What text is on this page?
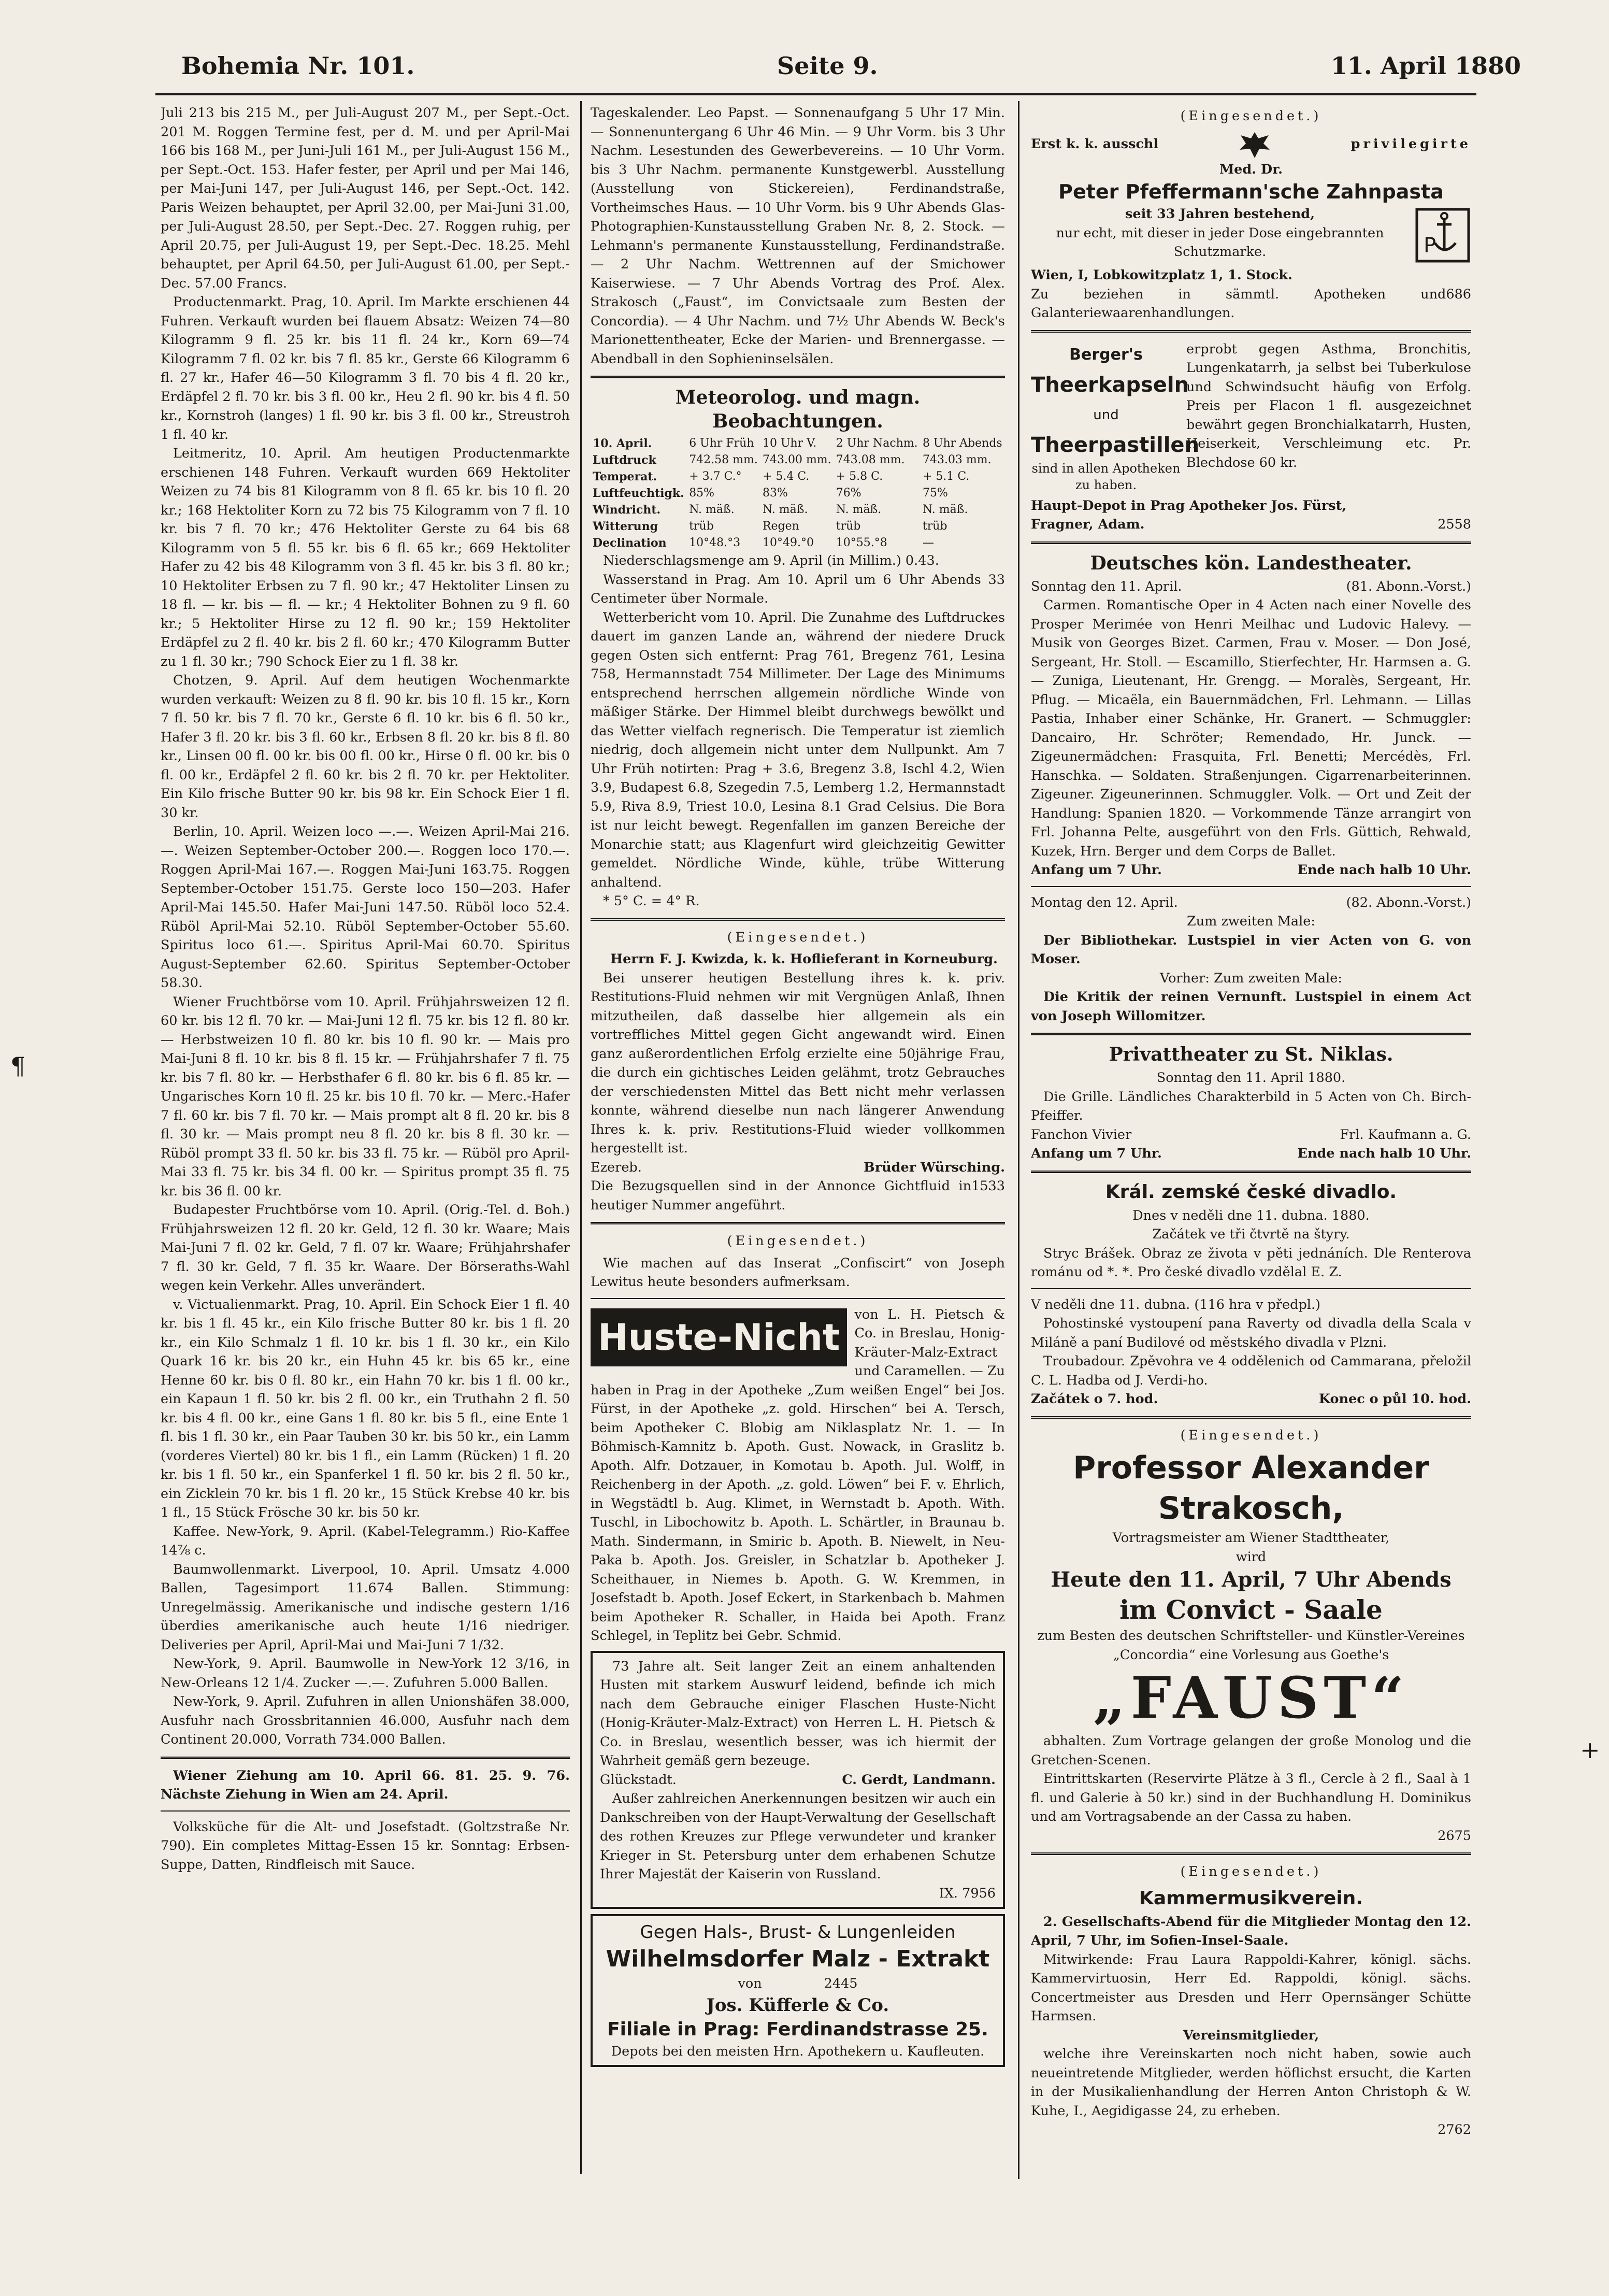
Bohemia Nr. 101.	Seite 9.	11. April 1880
¶
+

Juli 213 bis 215 M., per Juli-August 207 M., per Sept.-Oct. 201 M. Roggen Termine fest, per d. M. und per April-Mai 166 bis 168 M., per Juni-Juli 161 M., per Juli-August 156 M., per Sept.-Oct. 153. Hafer fester, per April und per Mai 146, per Mai-Juni 147, per Juli-August 146, per Sept.-Oct. 142. Paris Weizen behauptet, per April 32.00, per Mai-Juni 31.00, per Juli-August 28.50, per Sept.-Dec. 27. Roggen ruhig, per April 20.75, per Juli-August 19, per Sept.-Dec. 18.25. Mehl behauptet, per April 64.50, per Juli-August 61.00, per Sept.-Dec. 57.00 Francs.

Productenmarkt. Prag, 10. April. Im Markte erschienen 44 Fuhren. Verkauft wurden bei flauem Absatz: Weizen 74—80 Kilogramm 9 fl. 25 kr. bis 11 fl. 24 kr., Korn 69—74 Kilogramm 7 fl. 02 kr. bis 7 fl. 85 kr., Gerste 66 Kilogramm 6 fl. 27 kr., Hafer 46—50 Kilogramm 3 fl. 70 bis 4 fl. 20 kr., Erdäpfel 2 fl. 70 kr. bis 3 fl. 00 kr., Heu 2 fl. 90 kr. bis 4 fl. 50 kr., Kornstroh (langes) 1 fl. 90 kr. bis 3 fl. 00 kr., Streustroh 1 fl. 40 kr.

Leitmeritz, 10. April. Am heutigen Productenmarkte erschienen 148 Fuhren. Verkauft wurden 669 Hektoliter Weizen zu 74 bis 81 Kilogramm von 8 fl. 65 kr. bis 10 fl. 20 kr.; 168 Hektoliter Korn zu 72 bis 75 Kilogramm von 7 fl. 10 kr. bis 7 fl. 70 kr.; 476 Hektoliter Gerste zu 64 bis 68 Kilogramm von 5 fl. 55 kr. bis 6 fl. 65 kr.; 669 Hektoliter Hafer zu 42 bis 48 Kilogramm von 3 fl. 45 kr. bis 3 fl. 80 kr.; 10 Hektoliter Erbsen zu 7 fl. 90 kr.; 47 Hektoliter Linsen zu 18 fl. — kr. bis — fl. — kr.; 4 Hektoliter Bohnen zu 9 fl. 60 kr.; 5 Hektoliter Hirse zu 12 fl. 90 kr.; 159 Hektoliter Erdäpfel zu 2 fl. 40 kr. bis 2 fl. 60 kr.; 470 Kilogramm Butter zu 1 fl. 30 kr.; 790 Schock Eier zu 1 fl. 38 kr.

Chotzen, 9. April. Auf dem heutigen Wochenmarkte wurden verkauft: Weizen zu 8 fl. 90 kr. bis 10 fl. 15 kr., Korn 7 fl. 50 kr. bis 7 fl. 70 kr., Gerste 6 fl. 10 kr. bis 6 fl. 50 kr., Hafer 3 fl. 20 kr. bis 3 fl. 60 kr., Erbsen 8 fl. 20 kr. bis 8 fl. 80 kr., Linsen 00 fl. 00 kr. bis 00 fl. 00 kr., Hirse 0 fl. 00 kr. bis 0 fl. 00 kr., Erdäpfel 2 fl. 60 kr. bis 2 fl. 70 kr. per Hektoliter. Ein Kilo frische Butter 90 kr. bis 98 kr. Ein Schock Eier 1 fl. 30 kr.

Berlin, 10. April. Weizen loco —.—. Weizen April-Mai 216.—. Weizen September-October 200.—. Roggen loco 170.—. Roggen April-Mai 167.—. Roggen Mai-Juni 163.75. Roggen September-October 151.75. Gerste loco 150—203. Hafer April-Mai 145.50. Hafer Mai-Juni 147.50. Rüböl loco 52.4. Rüböl April-Mai 52.10. Rüböl September-October 55.60. Spiritus loco 61.—. Spiritus April-Mai 60.70. Spiritus August-September 62.60. Spiritus September-October 58.30.

Wiener Fruchtbörse vom 10. April. Frühjahrsweizen 12 fl. 60 kr. bis 12 fl. 70 kr. — Mai-Juni 12 fl. 75 kr. bis 12 fl. 80 kr. — Herbstweizen 10 fl. 80 kr. bis 10 fl. 90 kr. — Mais pro Mai-Juni 8 fl. 10 kr. bis 8 fl. 15 kr. — Frühjahrshafer 7 fl. 75 kr. bis 7 fl. 80 kr. — Herbsthafer 6 fl. 80 kr. bis 6 fl. 85 kr. — Ungarisches Korn 10 fl. 25 kr. bis 10 fl. 70 kr. — Merc.-Hafer 7 fl. 60 kr. bis 7 fl. 70 kr. — Mais prompt alt 8 fl. 20 kr. bis 8 fl. 30 kr. — Mais prompt neu 8 fl. 20 kr. bis 8 fl. 30 kr. — Rüböl prompt 33 fl. 50 kr. bis 33 fl. 75 kr. — Rüböl pro April-Mai 33 fl. 75 kr. bis 34 fl. 00 kr. — Spiritus prompt 35 fl. 75 kr. bis 36 fl. 00 kr.

Budapester Fruchtbörse vom 10. April. (Orig.-Tel. d. Boh.) Frühjahrsweizen 12 fl. 20 kr. Geld, 12 fl. 30 kr. Waare; Mais Mai-Juni 7 fl. 02 kr. Geld, 7 fl. 07 kr. Waare; Frühjahrshafer 7 fl. 30 kr. Geld, 7 fl. 35 kr. Waare. Der Börseraths-Wahl wegen kein Verkehr. Alles unverändert.

v. Victualienmarkt. Prag, 10. April. Ein Schock Eier 1 fl. 40 kr. bis 1 fl. 45 kr., ein Kilo frische Butter 80 kr. bis 1 fl. 20 kr., ein Kilo Schmalz 1 fl. 10 kr. bis 1 fl. 30 kr., ein Kilo Quark 16 kr. bis 20 kr., ein Huhn 45 kr. bis 65 kr., eine Henne 60 kr. bis 0 fl. 80 kr., ein Hahn 70 kr. bis 1 fl. 00 kr., ein Kapaun 1 fl. 50 kr. bis 2 fl. 00 kr., ein Truthahn 2 fl. 50 kr. bis 4 fl. 00 kr., eine Gans 1 fl. 80 kr. bis 5 fl., eine Ente 1 fl. bis 1 fl. 30 kr., ein Paar Tauben 30 kr. bis 50 kr., ein Lamm (vorderes Viertel) 80 kr. bis 1 fl., ein Lamm (Rücken) 1 fl. 20 kr. bis 1 fl. 50 kr., ein Spanferkel 1 fl. 50 kr. bis 2 fl. 50 kr., ein Zicklein 70 kr. bis 1 fl. 20 kr., 15 Stück Krebse 40 kr. bis 1 fl., 15 Stück Frösche 30 kr. bis 50 kr.

Kaffee. New-York, 9. April. (Kabel-Telegramm.) Rio-Kaffee 14⅞ c.

Baumwollenmarkt. Liverpool, 10. April. Umsatz 4.000 Ballen, Tagesimport 11.674 Ballen. Stimmung: Unregelmässig. Amerikanische und indische gestern 1/16 überdies amerikanische auch heute 1/16 niedriger. Deliveries per April, April-Mai und Mai-Juni 7 1/32.

New-York, 9. April. Baumwolle in New-York 12 3/16, in New-Orleans 12 1/4. Zucker —.—. Zufuhren 5.000 Ballen.

New-York, 9. April. Zufuhren in allen Unionshäfen 38.000, Ausfuhr nach Grossbritannien 46.000, Ausfuhr nach dem Continent 20.000, Vorrath 734.000 Ballen.

Wiener Ziehung am 10. April 66. 81. 25. 9. 76. Nächste Ziehung in Wien am 24. April.

Volksküche für die Alt- und Josefstadt. (Goltzstraße Nr. 790). Ein completes Mittag-Essen 15 kr. Sonntag: Erbsen-Suppe, Datten, Rindfleisch mit Sauce.

Tageskalender. Leo Papst. — Sonnenaufgang 5 Uhr 17 Min. — Sonnenuntergang 6 Uhr 46 Min. — 9 Uhr Vorm. bis 3 Uhr Nachm. Lesestunden des Gewerbevereins. — 10 Uhr Vorm. bis 3 Uhr Nachm. permanente Kunstgewerbl. Ausstellung (Ausstellung von Stickereien), Ferdinandstraße, Vortheimsches Haus. — 10 Uhr Vorm. bis 9 Uhr Abends Glas-Photographien-Kunstausstellung Graben Nr. 8, 2. Stock. — Lehmann's permanente Kunstausstellung, Ferdinandstraße. — 2 Uhr Nachm. Wettrennen auf der Smichower Kaiserwiese. — 7 Uhr Abends Vortrag des Prof. Alex. Strakosch („Faust“, im Convictsaale zum Besten der Concordia). — 4 Uhr Nachm. und 7½ Uhr Abends W. Beck's Marionettentheater, Ecke der Marien- und Brennergasse. — Abendball in den Sophieninselsälen.

Meteorolog. und magn. Beobachtungen.
10. April.	6 Uhr Früh	10 Uhr V.	2 Uhr Nachm.	8 Uhr Abends
Luftdruck	742.58 mm.	743.00 mm.	743.08 mm.	743.03 mm.
Temperat.	+ 3.7 C.°	+ 5.4 C.	+ 5.8 C.	+ 5.1 C.
Luftfeuchtigk.	85%	83%	76%	75%
Windricht.	N. mäß.	N. mäß.	N. mäß.	N. mäß.
Witterung	trüb	Regen	trüb	trüb
Declination	10°48.°3	10°49.°0	10°55.°8	—

Niederschlagsmenge am 9. April (in Millim.) 0.43.

Wasserstand in Prag. Am 10. April um 6 Uhr Abends 33 Centimeter über Normale.

Wetterbericht vom 10. April. Die Zunahme des Luftdruckes dauert im ganzen Lande an, während der niedere Druck gegen Osten sich entfernt: Prag 761, Bregenz 761, Lesina 758, Hermannstadt 754 Millimeter. Der Lage des Minimums entsprechend herrschen allgemein nördliche Winde von mäßiger Stärke. Der Himmel bleibt durchwegs bewölkt und das Wetter vielfach regnerisch. Die Temperatur ist ziemlich niedrig, doch allgemein nicht unter dem Nullpunkt. Am 7 Uhr Früh notirten: Prag + 3.6, Bregenz 3.8, Ischl 4.2, Wien 3.9, Budapest 6.8, Szegedin 7.5, Lemberg 1.2, Hermannstadt 5.9, Riva 8.9, Triest 10.0, Lesina 8.1 Grad Celsius. Die Bora ist nur leicht bewegt. Regenfallen im ganzen Bereiche der Monarchie statt; aus Klagenfurt wird gleichzeitig Gewitter gemeldet. Nördliche Winde, kühle, trübe Witterung anhaltend.

* 5° C. = 4° R.

(Eingesendet.)

Herrn F. J. Kwizda, k. k. Hoflieferant in Korneuburg.

Bei unserer heutigen Bestellung ihres k. k. priv. Restitutions-Fluid nehmen wir mit Vergnügen Anlaß, Ihnen mitzutheilen, daß dasselbe hier allgemein als ein vortreffliches Mittel gegen Gicht angewandt wird. Einen ganz außerordentlichen Erfolg erzielte eine 50jährige Frau, die durch ein gichtisches Leiden gelähmt, trotz Gebrauches der verschiedensten Mittel das Bett nicht mehr verlassen konnte, während dieselbe nun nach längerer Anwendung Ihres k. k. priv. Restitutions-Fluid wieder vollkommen hergestellt ist.

Ezereb.	Brüder Würsching.
Die Bezugsquellen sind in der Annonce Gichtfluid in heutiger Nummer angeführt.
1533
(Eingesendet.)

Wie machen auf das Inserat „Confiscirt“ von Joseph Lewitus heute besonders aufmerksam.

Huste-Nicht

von L. H. Pietsch & Co. in Breslau, Honig-Kräuter-Malz-Extract und Caramellen. — Zu haben in Prag in der Apotheke „Zum weißen Engel“ bei Jos. Fürst, in der Apotheke „z. gold. Hirschen“ bei A. Tersch, beim Apotheker C. Blobig am Niklasplatz Nr. 1. — In Böhmisch-Kamnitz b. Apoth. Gust. Nowack, in Graslitz b. Apoth. Alfr. Dotzauer, in Komotau b. Apoth. Jul. Wolff, in Reichenberg in der Apoth. „z. gold. Löwen“ bei F. v. Ehrlich, in Wegstädtl b. Aug. Klimet, in Wernstadt b. Apoth. With. Tuschl, in Libochowitz b. Apoth. L. Schärtler, in Braunau b. Math. Sindermann, in Smiric b. Apoth. B. Niewelt, in Neu-Paka b. Apoth. Jos. Greisler, in Schatzlar b. Apotheker J. Scheithauer, in Niemes b. Apoth. G. W. Kremmen, in Josefstadt b. Apoth. Josef Eckert, in Starkenbach b. Mahmen beim Apotheker R. Schaller, in Haida bei Apoth. Franz Schlegel, in Teplitz bei Gebr. Schmid.

73 Jahre alt. Seit langer Zeit an einem anhaltenden Husten mit starkem Auswurf leidend, befinde ich mich nach dem Gebrauche einiger Flaschen Huste-Nicht (Honig-Kräuter-Malz-Extract) von Herren L. H. Pietsch & Co. in Breslau, wesentlich besser, was ich hiermit der Wahrheit gemäß gern bezeuge.

Glückstadt.	C. Gerdt, Landmann.

Außer zahlreichen Anerkennungen besitzen wir auch ein Dankschreiben von der Haupt-Verwaltung der Gesellschaft des rothen Kreuzes zur Pflege verwundeter und kranker Krieger in St. Petersburg unter dem erhabenen Schutze Ihrer Majestät der Kaiserin von Russland.

IX. 7956
Gegen Hals-, Brust- & Lungenleiden
Wilhelmsdorfer Malz - Extrakt
von	2445
Jos. Küfferle & Co.
Filiale in Prag: Ferdinandstrasse 25.
Depots bei den meisten Hrn. Apothekern u. Kaufleuten.
(Eingesendet.)
Erst k. k. ausschl	privilegirte
Med. Dr.
Peter Pfeffermann'sche Zahnpasta
P
seit 33 Jahren bestehend,
nur echt, mit dieser in jeder Dose eingebrannten Schutzmarke.
Wien, I, Lobkowitzplatz 1, 1. Stock.
Zu beziehen in sämmtl. Apotheken und Galanteriewaarenhandlungen.
686
Berger's
Theerkapseln
und
Theerpastillen
sind in allen Apotheken zu haben.
erprobt gegen Asthma, Bronchitis, Lungenkatarrh, ja selbst bei Tuberkulose und Schwindsucht häufig von Erfolg. Preis per Flacon 1 fl. ausgezeichnet bewährt gegen Bronchialkatarrh, Husten, Heiserkeit, Verschleimung etc. Pr. Blechdose 60 kr.
Haupt-Depot in Prag Apotheker Jos. Fürst,
Fragner, Adam.	2558
Deutsches kön. Landestheater.
Sonntag den 11. April.	(81. Abonn.-Vorst.)

Carmen. Romantische Oper in 4 Acten nach einer Novelle des Prosper Merimée von Henri Meilhac und Ludovic Halevy. — Musik von Georges Bizet. Carmen, Frau v. Moser. — Don José, Sergeant, Hr. Stoll. — Escamillo, Stierfechter, Hr. Harmsen a. G. — Zuniga, Lieutenant, Hr. Grengg. — Moralès, Sergeant, Hr. Pflug. — Micaëla, ein Bauernmädchen, Frl. Lehmann. — Lillas Pastia, Inhaber einer Schänke, Hr. Granert. — Schmuggler: Dancairo, Hr. Schröter; Remendado, Hr. Junck. — Zigeunermädchen: Frasquita, Frl. Benetti; Mercédès, Frl. Hanschka. — Soldaten. Straßenjungen. Cigarrenarbeiterinnen. Zigeuner. Zigeunerinnen. Schmuggler. Volk. — Ort und Zeit der Handlung: Spanien 1820. — Vorkommende Tänze arrangirt von Frl. Johanna Pelte, ausgeführt von den Frls. Güttich, Rehwald, Kuzek, Hrn. Berger und dem Corps de Ballet.

Anfang um 7 Uhr.	Ende nach halb 10 Uhr.
Montag den 12. April.	(82. Abonn.-Vorst.)
Zum zweiten Male:

Der Bibliothekar. Lustspiel in vier Acten von G. von Moser.

Vorher: Zum zweiten Male:

Die Kritik der reinen Vernunft. Lustspiel in einem Act von Joseph Willomitzer.

Privattheater zu St. Niklas.
Sonntag den 11. April 1880.

Die Grille. Ländliches Charakterbild in 5 Acten von Ch. Birch-Pfeiffer.

Fanchon Vivier	Frl. Kaufmann a. G.
Anfang um 7 Uhr.	Ende nach halb 10 Uhr.
Král. zemské české divadlo.
Dnes v neděli dne 11. dubna. 1880.
Začátek ve tři čtvrtě na štyry.

Stryc Brášek. Obraz ze života v pěti jednáních. Dle Renterova románu od *. *. Pro české divadlo vzdělal E. Z.

V neděli dne 11. dubna. (116 hra v předpl.)

Pohostinské vystoupení pana Raverty od divadla della Scala v Miláně a paní Budilové od městského divadla v Plzni.

Troubadour. Zpěvohra ve 4 oddělenich od Cammarana, přeložil C. L. Hadba od J. Verdi-ho.

Začátek o 7. hod.	Konec o půl 10. hod.
(Eingesendet.)
Professor Alexander Strakosch,
Vortragsmeister am Wiener Stadttheater,
wird
Heute den 11. April, 7 Uhr Abends
im Convict - Saale

zum Besten des deutschen Schriftsteller- und Künstler-Vereines „Concordia“ eine Vorlesung aus Goethe's

„FAUST“

abhalten. Zum Vortrage gelangen der große Monolog und die Gretchen-Scenen.

Eintrittskarten (Reservirte Plätze à 3 fl., Cercle à 2 fl., Saal à 1 fl. und Galerie à 50 kr.) sind in der Buchhandlung H. Dominikus und am Vortragsabende an der Cassa zu haben.

2675
(Eingesendet.)
Kammermusikverein.

2. Gesellschafts-Abend für die Mitglieder Montag den 12. April, 7 Uhr, im Sofien-Insel-Saale.

Mitwirkende: Frau Laura Rappoldi-Kahrer, königl. sächs. Kammervirtuosin, Herr Ed. Rappoldi, königl. sächs. Concertmeister aus Dresden und Herr Opernsänger Schütte Harmsen.

Vereinsmitglieder,

welche ihre Vereinskarten noch nicht haben, sowie auch neueintretende Mitglieder, werden höflichst ersucht, die Karten in der Musikalienhandlung der Herren Anton Christoph & W. Kuhe, I., Aegidigasse 24, zu erheben.

2762
